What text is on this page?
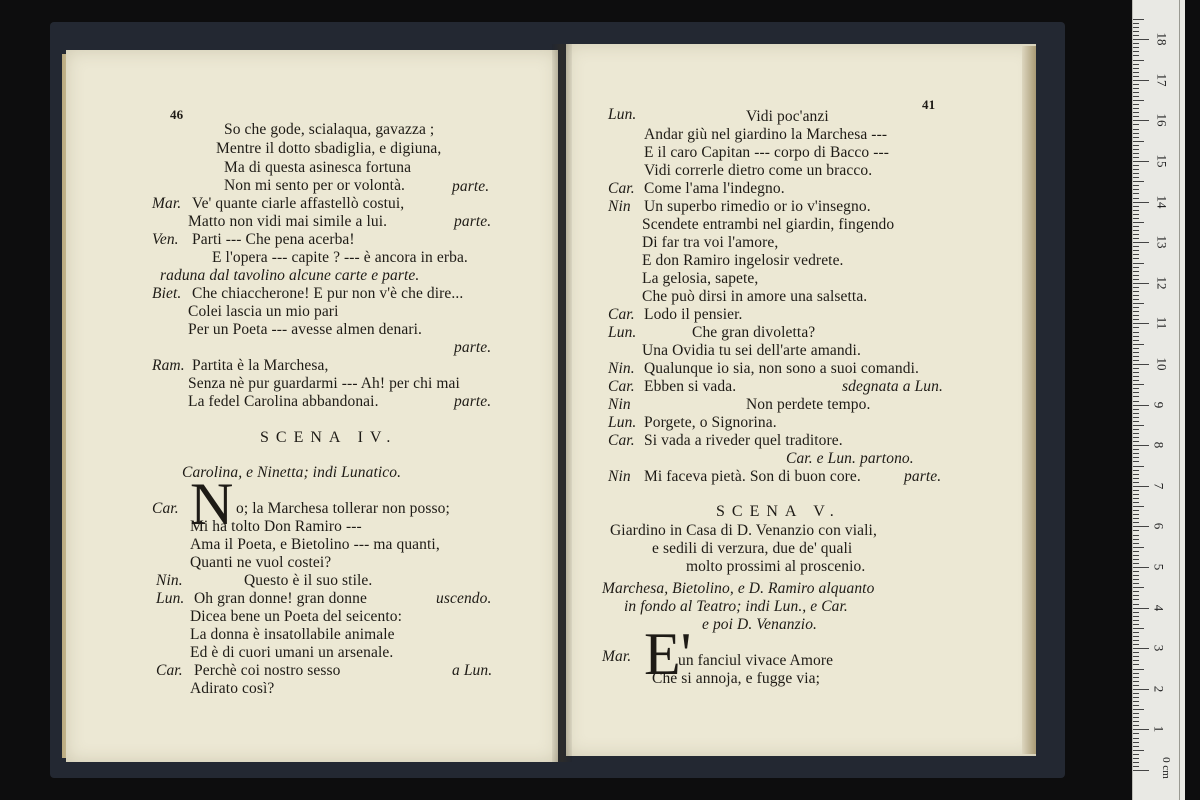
46
So che gode, scialaqua, gavazza ;
Mentre il dotto sbadiglia, e digiuna,
Ma di questa asinesca fortuna
Non mi sento per or volontà.	parte.
Mar. Ve' quante ciarle affastellò costui,
Matto non vidi mai simile a lui.	parte.
Ven. Parti --- Che pena acerba!
E l'opera --- capite ? --- è ancora in erba.
raduna dal tavolino alcune carte e parte.
Biet. Che chiaccherone! E pur non v'è che dire...
Colei lascia un mio pari
Per un Poeta --- avesse almen denari.
parte.
Ram. Partita è la Marchesa,
Senza nè pur guardarmi --- Ah! per chi mai
La fedel Carolina abbandonai.	parte.
SCENA IV.
Carolina, e Ninetta; indi Lunatico.
Car. N o; la Marchesa tollerar non posso;
Mi ha tolto Don Ramiro ---
Ama il Poeta, e Bietolino --- ma quanti,
Quanti ne vuol costei?
Nin.	Questo è il suo stile.
Lun. Oh gran donne! gran donne	uscendo.
Dicea bene un Poeta del seicento:
La donna è insatollabile animale
Ed è di cuori umani un arsenale.
Car. Perchè coi nostro sesso	a Lun.
Adirato così?
41
Lun.	Vidi poc'anzi
Andar giù nel giardino la Marchesa ---
E il caro Capitan --- corpo di Bacco ---
Vidi correrle dietro come un bracco.
Car. Come l'ama l'indegno.
Nin Un superbo rimedio or io v'insegno.
Scendete entrambi nel giardin, fingendo
Di far tra voi l'amore,
E don Ramiro ingelosir vedrete.
La gelosia, sapete,
Che può dirsi in amore una salsetta.
Car. Lodo il pensier.
Lun.	Che gran divoletta?
Una Ovidia tu sei dell'arte amandi.
Nin. Qualunque io sia, non sono a suoi comandi.
Car. Ebben si vada.	sdegnata a Lun.
Nin	Non perdete tempo.
Lun. Porgete, o Signorina.
Car. Si vada a riveder quel traditore.
Car. e Lun. partono.
Nin Mi faceva pietà. Son di buon core.	parte.
SCENA V.
Giardino in Casa di D. Venanzio con viali,
e sedili di verzura, due de' quali
molto prossimi al proscenio.
Marchesa, Bietolino, e D. Ramiro alquanto
in fondo al Teatro; indi Lun., e Car.
e poi D. Venanzio.
Mar. E'
un fanciul vivace Amore
Che si annoja, e fugge via;
0 cm
1
2
3
4
5
6
7
8
9
10
11
12
13
14
15
16
17
18
